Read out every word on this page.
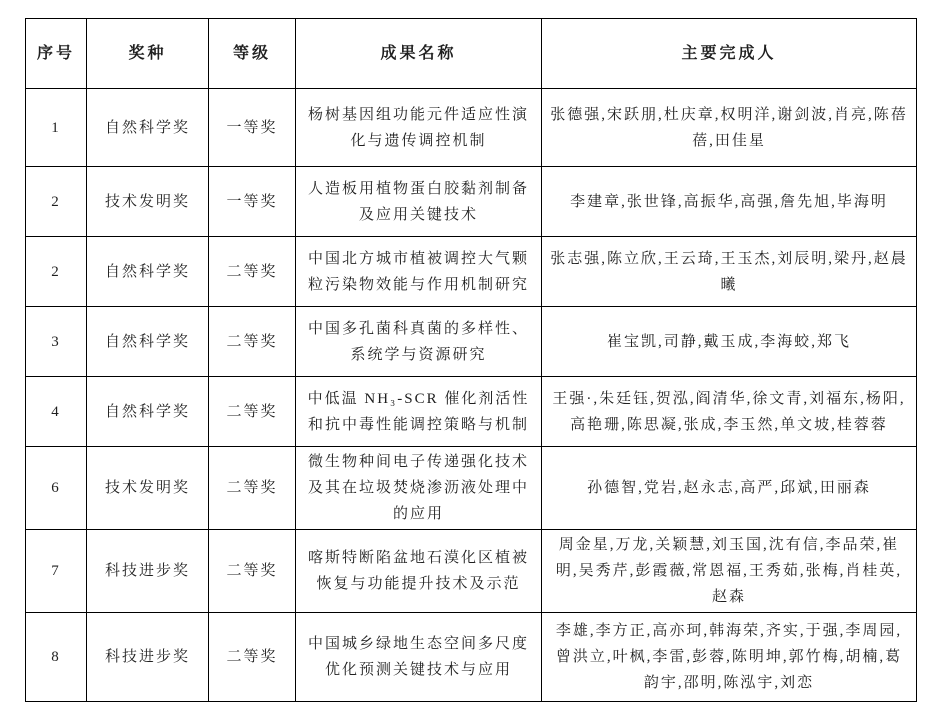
序号	奖种	等级	成果名称	主要完成人
1	自然科学奖	一等奖	杨树基因组功能元件适应性演化与遗传调控机制	张德强,宋跃朋,杜庆章,权明洋,谢剑波,肖亮,陈蓓蓓,田佳星
2	技术发明奖	一等奖	人造板用植物蛋白胶黏剂制备及应用关键技术	李建章,张世锋,高振华,高强,詹先旭,毕海明
2	自然科学奖	二等奖	中国北方城市植被调控大气颗粒污染物效能与作用机制研究	张志强,陈立欣,王云琦,王玉杰,刘辰明,梁丹,赵晨曦
3	自然科学奖	二等奖	中国多孔菌科真菌的多样性、系统学与资源研究	崔宝凯,司静,戴玉成,李海蛟,郑飞
4	自然科学奖	二等奖	中低温 NH₃-SCR 催化剂活性和抗中毒性能调控策略与机制	王强·,朱廷钰,贺泓,阎清华,徐文青,刘福东,杨阳,高艳珊,陈思凝,张成,李玉然,单文坡,桂蓉蓉
6	技术发明奖	二等奖	微生物种间电子传递强化技术及其在垃圾焚烧渗沥液处理中的应用	孙德智,党岩,赵永志,高严,邱斌,田丽森
7	科技进步奖	二等奖	喀斯特断陷盆地石漠化区植被恢复与功能提升技术及示范	周金星,万龙,关颖慧,刘玉国,沈有信,李品荣,崔明,吴秀芹,彭霞薇,常恩福,王秀茹,张梅,肖桂英,赵森
8	科技进步奖	二等奖	中国城乡绿地生态空间多尺度优化预测关键技术与应用	李雄,李方正,高亦珂,韩海荣,齐实,于强,李周园,曾洪立,叶枫,李雷,彭蓉,陈明坤,郭竹梅,胡楠,葛韵宇,邵明,陈泓宇,刘恋
